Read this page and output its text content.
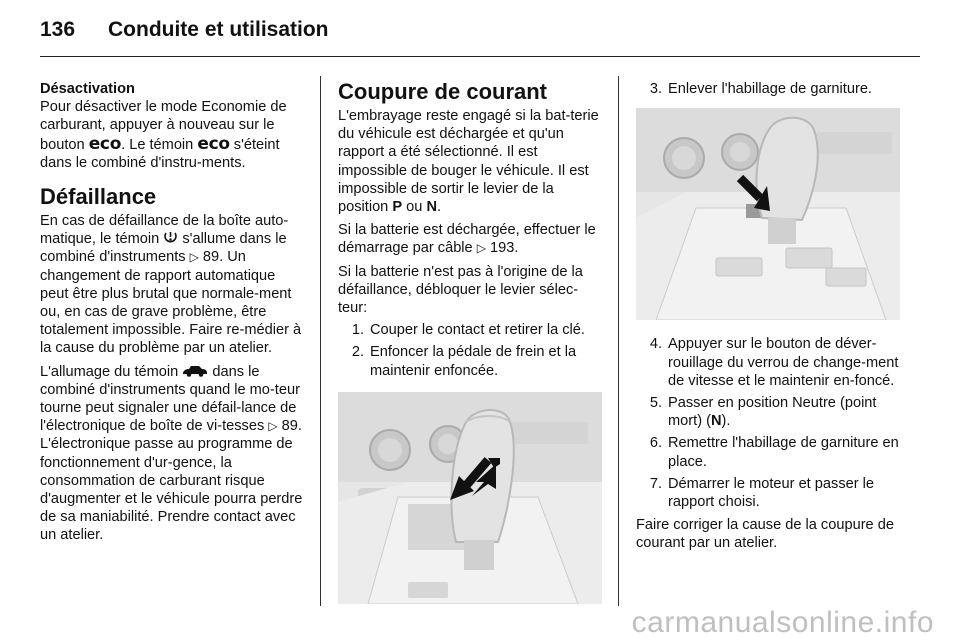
136 Conduite et utilisation

Désactivation

Pour désactiver le mode Economie de carburant, appuyer à nouveau sur le bouton eco. Le témoin eco s'éteint dans le combiné d'instru-ments.

Défaillance

En cas de défaillance de la boîte auto-matique, le témoin  s'allume dans le combiné d'instruments ▷ 89. Un changement de rapport automatique peut être plus brutal que normale-ment ou, en cas de grave problème, être totalement impossible. Faire re-médier à la cause du problème par un atelier.

L'allumage du témoin  dans le combiné d'instruments quand le mo-teur tourne peut signaler une défail-lance de l'électronique de boîte de vi-tesses ▷ 89. L'électronique passe au programme de fonctionnement d'ur-gence, la consommation de carburant risque d'augmenter et le véhicule pourra perdre de sa maniabilité. Prendre contact avec un atelier.

Coupure de courant

L'embrayage reste engagé si la bat-terie du véhicule est déchargée et qu'un rapport a été sélectionné. Il est impossible de bouger le véhicule. Il est impossible de sortir le levier de la position P ou N.

Si la batterie est déchargée, effectuer le démarrage par câble ▷ 193.

Si la batterie n'est pas à l'origine de la défaillance, débloquer le levier sélec-teur:

1. Couper le contact et retirer la clé.
2. Enfoncer la pédale de frein et la maintenir enfoncée.
3. Enlever l'habillage de garniture.
4. Appuyer sur le bouton de déver-rouillage du verrou de change-ment de vitesse et le maintenir en-foncé.
5. Passer en position Neutre (point mort) (N).
6. Remettre l'habillage de garniture en place.
7. Démarrer le moteur et passer le rapport choisi.

Faire corriger la cause de la coupure de courant par un atelier.

carmanualsonline.info
